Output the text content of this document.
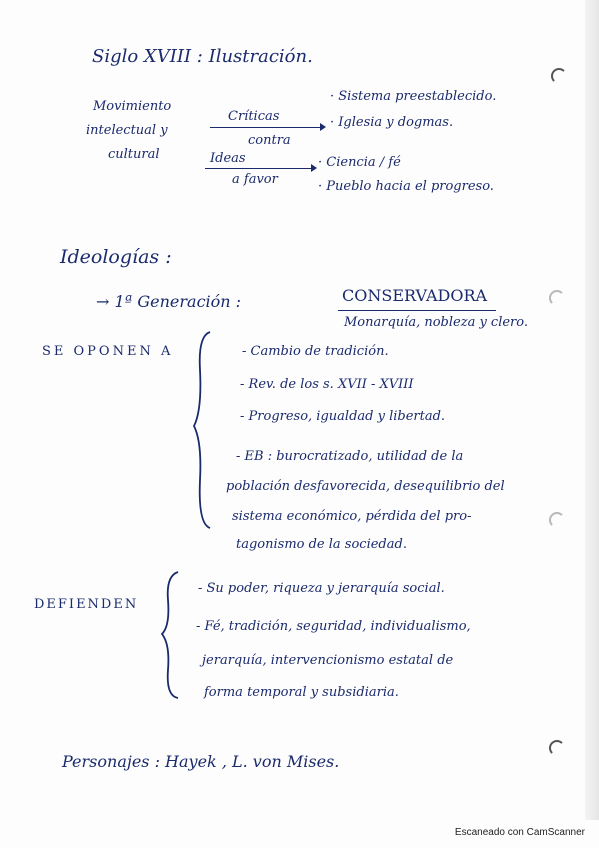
Siglo XVIII : Ilustración.
Movimiento
intelectual y
cultural
Críticas
contra
· Sistema preestablecido.
· Iglesia y dogmas.
Ideas
a favor
· Ciencia / fé
· Pueblo hacia el progreso.
Ideologías :
→ 1ª Generación :	CONSERVADORA
Monarquía, nobleza y clero.
SE OPONEN A	- Cambio de tradición.
- Rev. de los s. XVII - XVIII
- Progreso, igualdad y libertad.
- EB : burocratizado, utilidad de la
población desfavorecida, desequilibrio del
sistema económico, pérdida del pro-
tagonismo de la sociedad.
DEFIENDEN
- Su poder, riqueza y jerarquía social.
- Fé, tradición, seguridad, individualismo,
jerarquía, intervencionismo estatal de
forma temporal y subsidiaria.
Personajes : Hayek , L. von Mises.
Escaneado con CamScanner
